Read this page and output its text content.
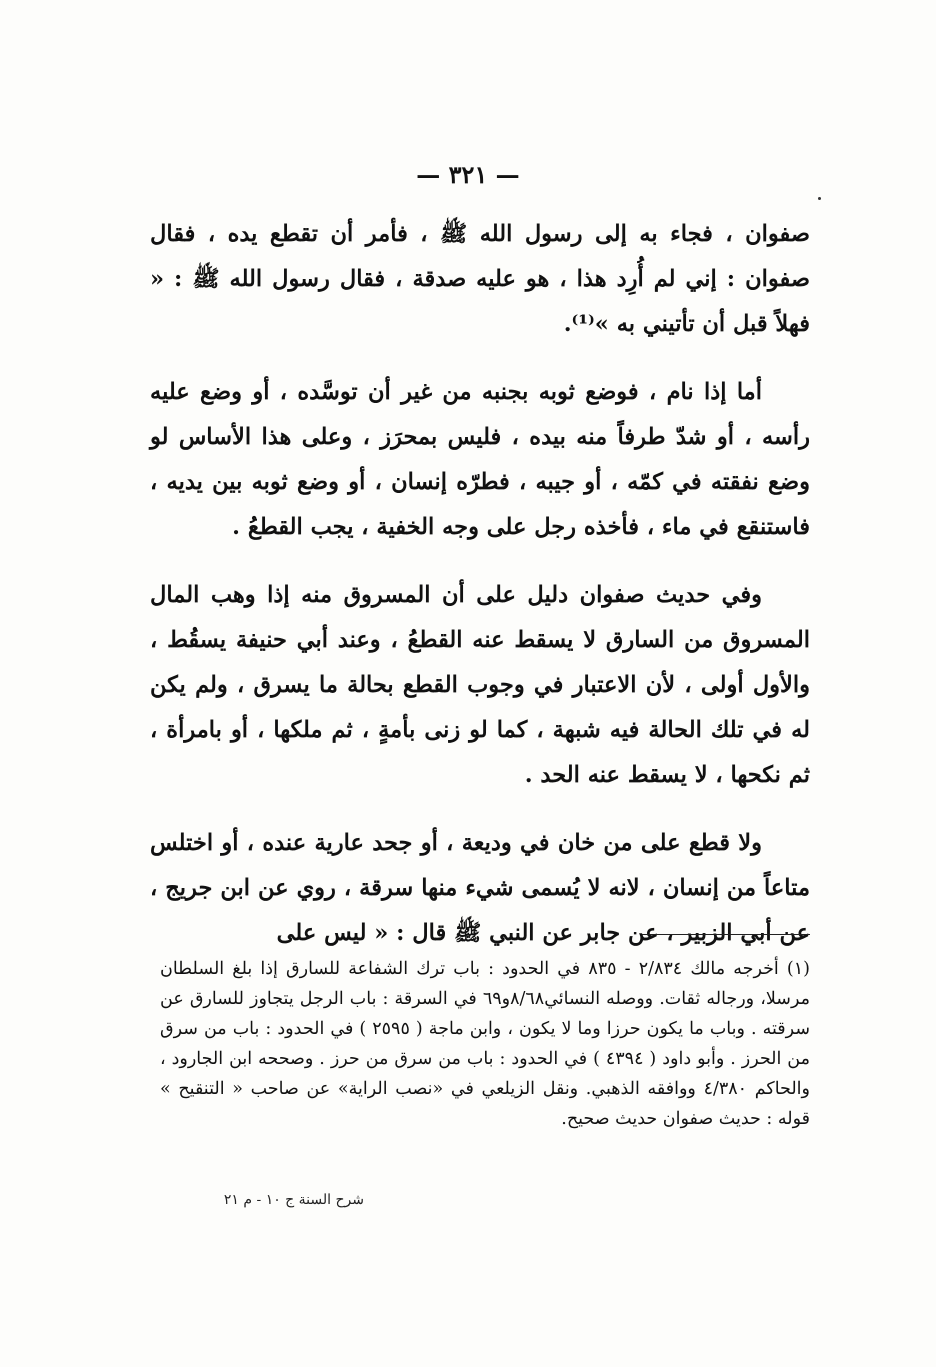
— ٣٢١ —

صفوان ، فجاء به إلى رسول الله ﷺ ، فأمر أن تقطع يده ، فقال صفوان : إني لم أُرِد هذا ، هو عليه صدقة ، فقال رسول الله ﷺ : « فهلاً قبل أن تأتيني به »⁽¹⁾.

أما إذا نام ، فوضع ثوبه بجنبه من غير أن توسَّده ، أو وضع عليه رأسه ، أو شدّ طرفاً منه بيده ، فليس بمحرَز ، وعلى هذا الأساس لو وضع نفقته في كمّه ، أو جيبه ، فطرّه إنسان ، أو وضع ثوبه بين يديه ، فاستنقع في ماء ، فأخذه رجل على وجه الخفية ، يجب القطعُ .

وفي حديث صفوان دليل على أن المسروق منه إذا وهب المال المسروق من السارق لا يسقط عنه القطعُ ، وعند أبي حنيفة يسقُط ، والأول أولى ، لأن الاعتبار في وجوب القطع بحالة ما يسرق ، ولم يكن له في تلك الحالة فيه شبهة ، كما لو زنى بأمةٍ ، ثم ملكها ، أو بامرأة ، ثم نكحها ، لا يسقط عنه الحد .

ولا قطع على من خان في وديعة ، أو جحد عارية عنده ، أو اختلس متاعاً من إنسان ، لانه لا يُسمى شيء منها سرقة ، روي عن ابن جريج ، عن أبي الزبير ، عن جابر عن النبي ﷺ قال : « ليس على

(١) أخرجه مالك ٢/٨٣٤ - ٨٣٥ في الحدود : باب ترك الشفاعة للسارق إذا بلغ السلطان مرسلا، ورجاله ثقات. ووصله النسائي٨/٦٨و٦٩ في السرقة : باب الرجل يتجاوز للسارق عن سرقته . وباب ما يكون حرزا وما لا يكون ، وابن ماجة ( ٢٥٩٥ ) في الحدود : باب من سرق من الحرز . وأبو داود ( ٤٣٩٤ ) في الحدود : باب من سرق من حرز . وصححه ابن الجارود ، والحاكم ٤/٣٨٠ ووافقه الذهبي. ونقل الزيلعي في «نصب الراية» عن صاحب « التنقيح » قوله : حديث صفوان حديث صحيح.

شرح السنة ج ١٠ - م ٢١
